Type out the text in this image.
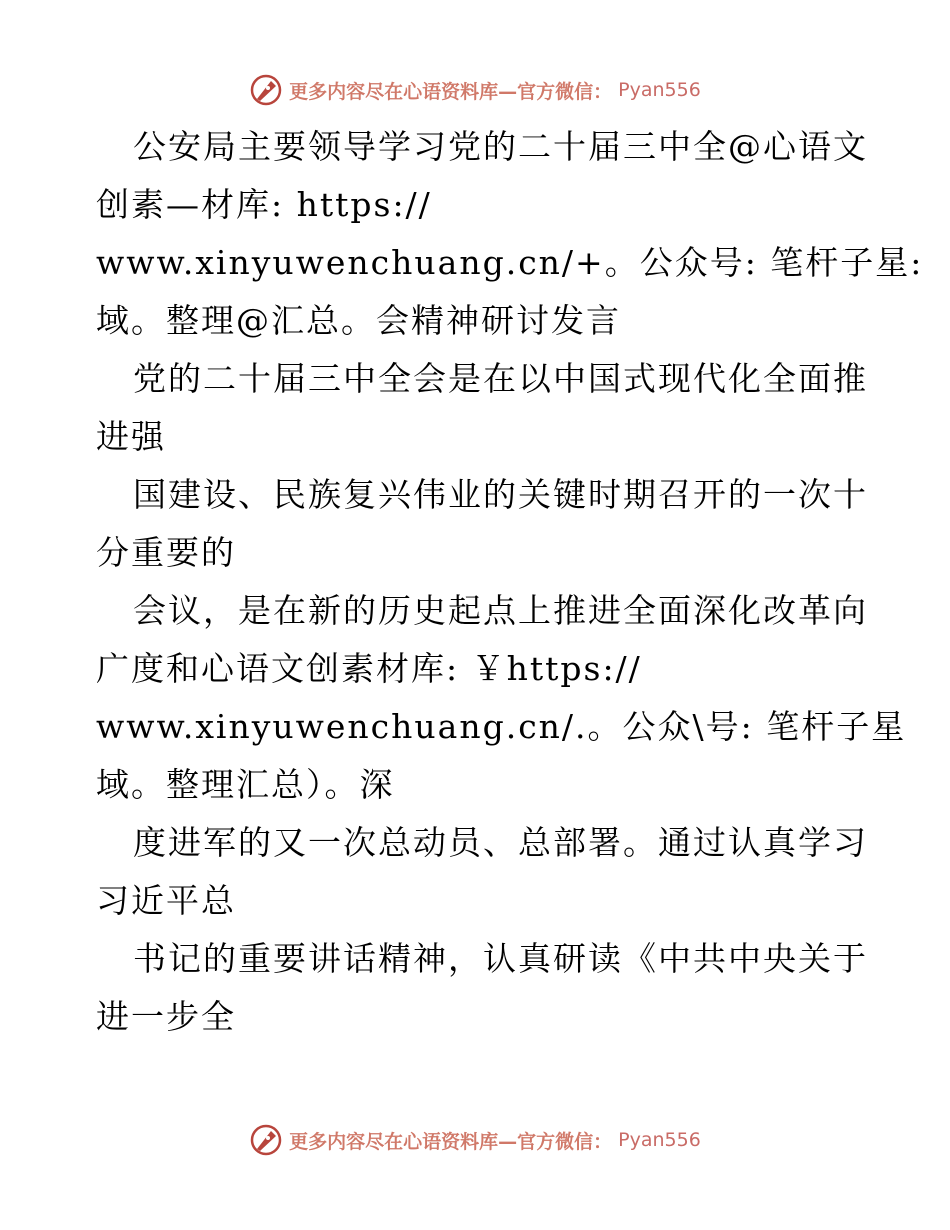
更多内容尽在心语资料库—官方微信： Pyan556
公安局主要领导学习党的二十届三中全@心语文
创素—材库: https://
www.xinyuwenchuang.cn/+。公众号: 笔杆子星:
域。整理@汇总。会精神研讨发言
党的二十届三中全会是在以中国式现代化全面推
进强
国建设、民族复兴伟业的关键时期召开的一次十
分重要的
会议，是在新的历史起点上推进全面深化改革向
广度和心语文创素材库: ￥https://
www.xinyuwenchuang.cn/.。公众\号: 笔杆子星
域。整理汇总）。深
度进军的又一次总动员、总部署。通过认真学习
习近平总
书记的重要讲话精神，认真研读《中共中央关于
进一步全
更多内容尽在心语资料库—官方微信： Pyan556
